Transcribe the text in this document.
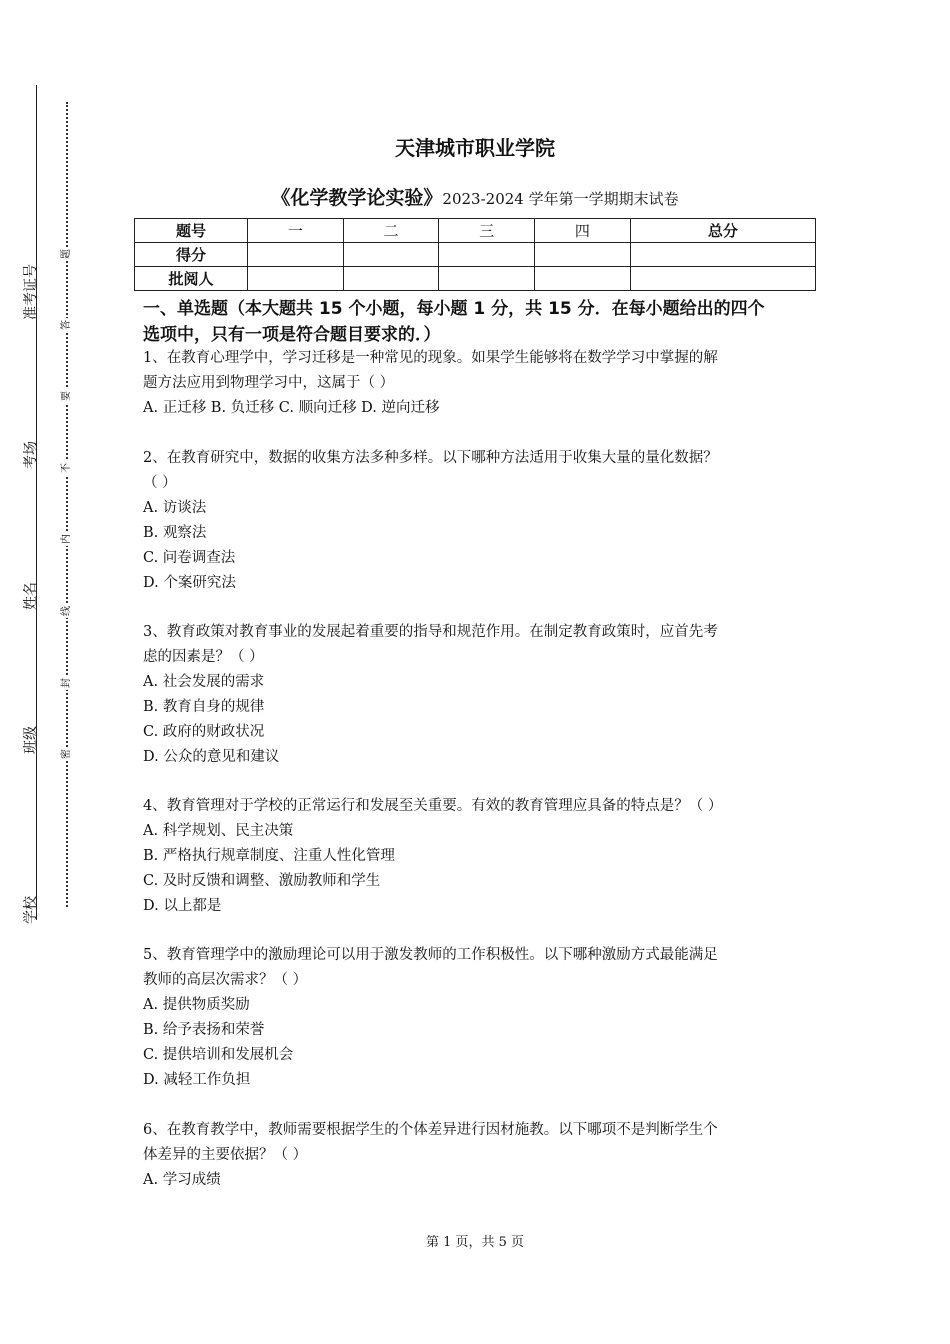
准考证号
考场
姓名
班级
学校
题
答
要
不
内
线
封
密
天津城市职业学院
《化学教学论实验》2023-2024 学年第一学期期末试卷
题号	一	二	三	四	总分
得分					
批阅人					
一、单选题（本大题共 15 个小题，每小题 1 分，共 15 分．在每小题给出的四个
选项中，只有一项是符合题目要求的．）

1、在教育心理学中，学习迁移是一种常见的现象。如果学生能够将在数学学习中掌握的解

题方法应用到物理学习中，这属于（ ）

A. 正迁移 B. 负迁移 C. 顺向迁移 D. 逆向迁移

2、在教育研究中，数据的收集方法多种多样。以下哪种方法适用于收集大量的量化数据？

（ ）

A. 访谈法

B. 观察法

C. 问卷调查法

D. 个案研究法

3、教育政策对教育事业的发展起着重要的指导和规范作用。在制定教育政策时，应首先考

虑的因素是？（ ）

A. 社会发展的需求

B. 教育自身的规律

C. 政府的财政状况

D. 公众的意见和建议

4、教育管理对于学校的正常运行和发展至关重要。有效的教育管理应具备的特点是？（ ）

A. 科学规划、民主决策

B. 严格执行规章制度、注重人性化管理

C. 及时反馈和调整、激励教师和学生

D. 以上都是

5、教育管理学中的激励理论可以用于激发教师的工作积极性。以下哪种激励方式最能满足

教师的高层次需求？（ ）

A. 提供物质奖励

B. 给予表扬和荣誉

C. 提供培训和发展机会

D. 减轻工作负担

6、在教育教学中，教师需要根据学生的个体差异进行因材施教。以下哪项不是判断学生个

体差异的主要依据？（ ）

A. 学习成绩

第 1 页，共 5 页
